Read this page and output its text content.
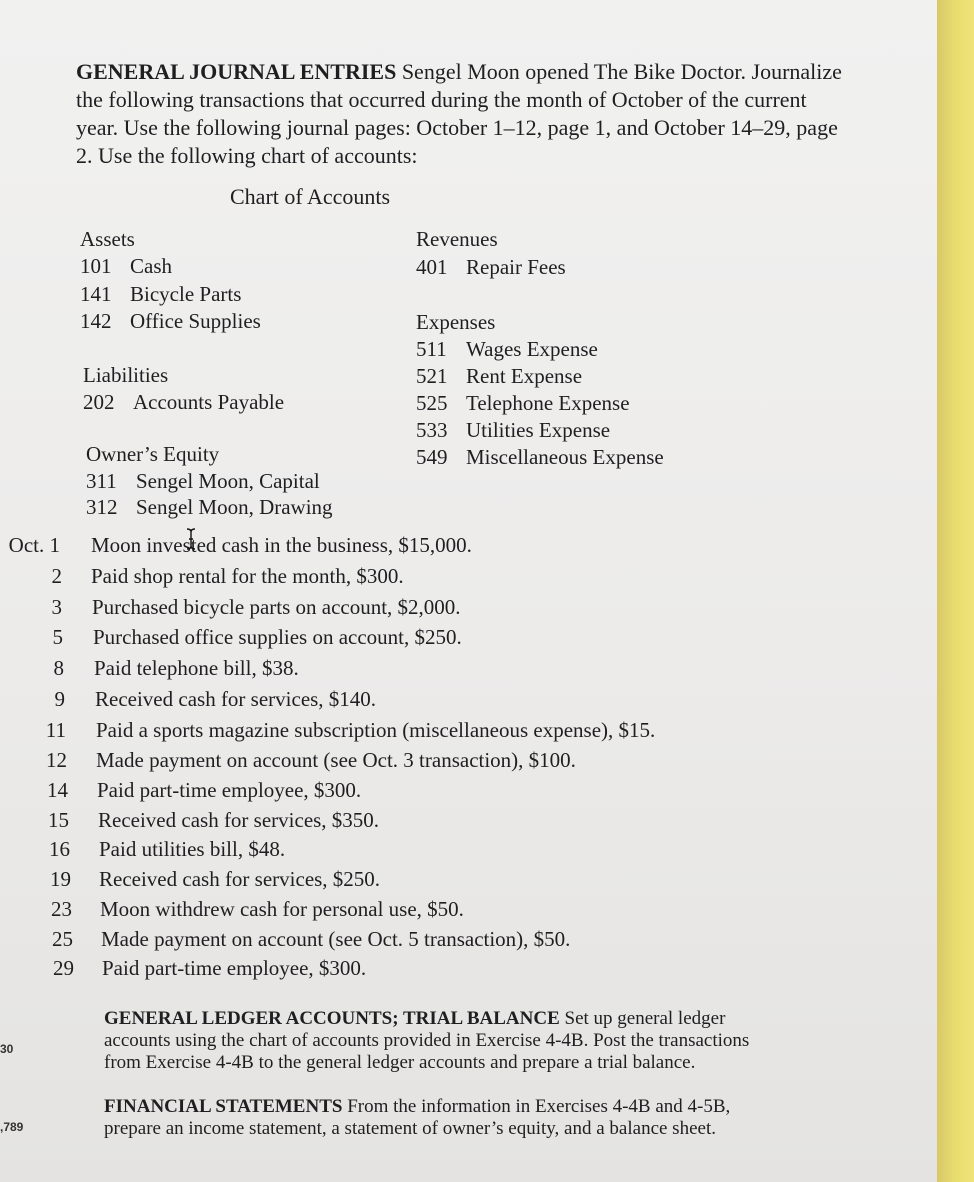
GENERAL JOURNAL ENTRIES Sengel Moon opened The Bike Doctor. Journalize
the following transactions that occurred during the month of October of the current
year. Use the following journal pages: October 1–12, page 1, and October 14–29, page
2. Use the following chart of accounts:
Chart of Accounts
Assets
101 Cash
141 Bicycle Parts
142 Office Supplies
Liabilities
202 Accounts Payable
Owner’s Equity
311 Sengel Moon, Capital
312 Sengel Moon, Drawing
Revenues
401 Repair Fees
Expenses
511 Wages Expense
521 Rent Expense
525 Telephone Expense
533 Utilities Expense
549 Miscellaneous Expense
Oct. 1 Moon invested cash in the business, $15,000.
2 Paid shop rental for the month, $300.
3 Purchased bicycle parts on account, $2,000.
5 Purchased office supplies on account, $250.
8 Paid telephone bill, $38.
9 Received cash for services, $140.
11 Paid a sports magazine subscription (miscellaneous expense), $15.
12 Made payment on account (see Oct. 3 transaction), $100.
14 Paid part-time employee, $300.
15 Received cash for services, $350.
16 Paid utilities bill, $48.
19 Received cash for services, $250.
23 Moon withdrew cash for personal use, $50.
25 Made payment on account (see Oct. 5 transaction), $50.
29 Paid part-time employee, $300.
GENERAL LEDGER ACCOUNTS; TRIAL BALANCE Set up general ledger
accounts using the chart of accounts provided in Exercise 4-4B. Post the transactions
from Exercise 4-4B to the general ledger accounts and prepare a trial balance.
FINANCIAL STATEMENTS From the information in Exercises 4-4B and 4-5B,
prepare an income statement, a statement of owner’s equity, and a balance sheet.
30
,789
